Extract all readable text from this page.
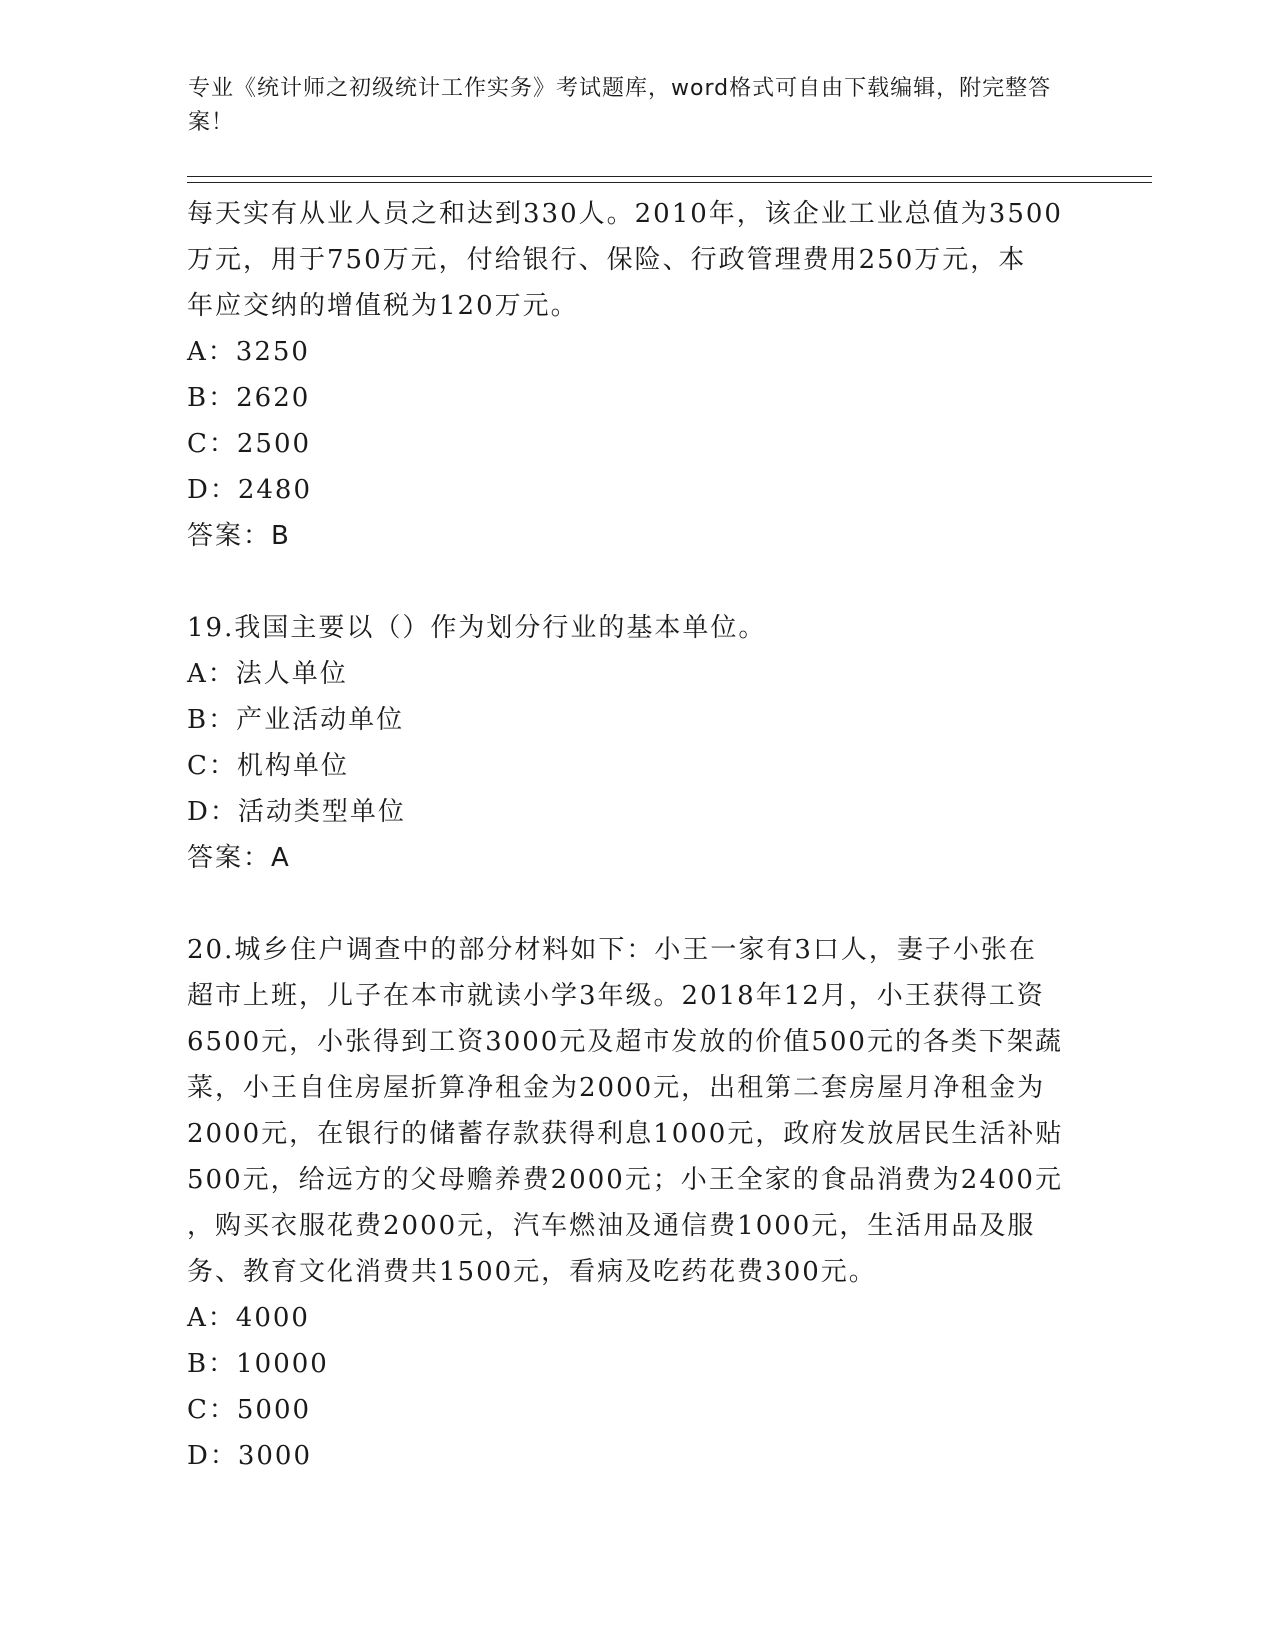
专业《统计师之初级统计工作实务》考试题库，word格式可自由下载编辑，附完整答案！

每天实有从业人员之和达到330人。2010年，该企业工业总值为3500

万元，用于750万元，付给银行、保险、行政管理费用250万元，本

年应交纳的增值税为120万元。

A：3250

B：2620

C：2500

D：2480

答案：B

19.我国主要以（）作为划分行业的基本单位。

A：法人单位

B：产业活动单位

C：机构单位

D：活动类型单位

答案：A

20.城乡住户调查中的部分材料如下：小王一家有3口人，妻子小张在

超市上班，儿子在本市就读小学3年级。2018年12月，小王获得工资

6500元，小张得到工资3000元及超市发放的价值500元的各类下架蔬

菜，小王自住房屋折算净租金为2000元，出租第二套房屋月净租金为

2000元，在银行的储蓄存款获得利息1000元，政府发放居民生活补贴

500元，给远方的父母赡养费2000元；小王全家的食品消费为2400元

，购买衣服花费2000元，汽车燃油及通信费1000元，生活用品及服

务、教育文化消费共1500元，看病及吃药花费300元。

A：4000

B：10000

C：5000

D：3000
